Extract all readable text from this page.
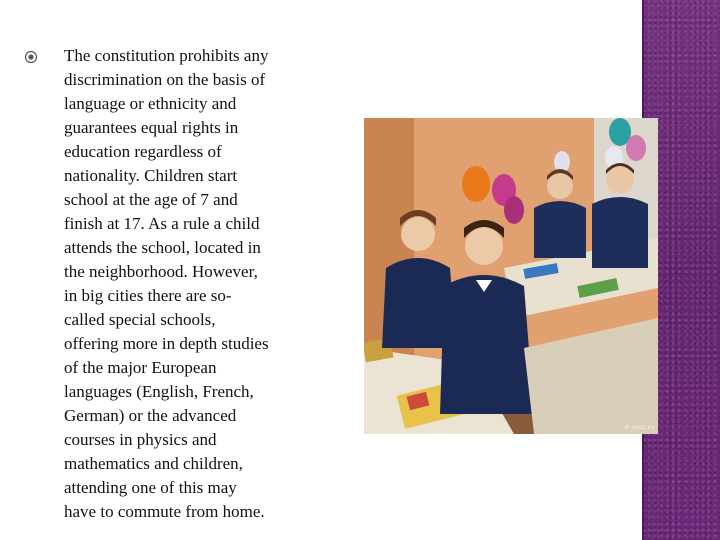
The constitution prohibits any
discrimination on the basis of
language or ethnicity and
guarantees equal rights in
education regardless of
nationality. Children start
school at the age of 7 and
finish at 17. As a rule a child
attends the school, located in
the neighborhood. However,
in big cities there are so-
called special schools,
offering more in depth studies
of the major European
languages (English, French,
German) or the advanced
courses in physics and
mathematics and children,
attending one of this may
have to commute from home.

© ucoz.ru
